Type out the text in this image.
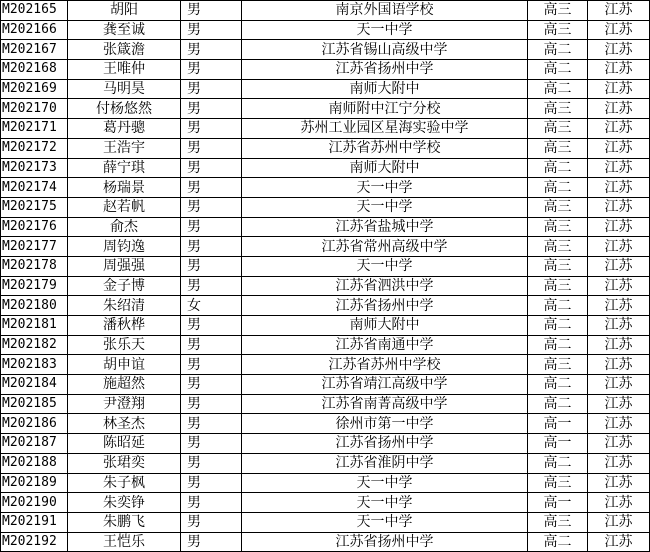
M202165	胡阳	男	南京外国语学校	高三	江苏
M202166	龚至诚	男	天一中学	高三	江苏
M202167	张箴澹	男	江苏省锡山高级中学	高二	江苏
M202168	王唯仲	男	江苏省扬州中学	高二	江苏
M202169	马明昊	男	南师大附中	高二	江苏
M202170	付杨悠然	男	南师附中江宁分校	高三	江苏
M202171	葛丹骢	男	苏州工业园区星海实验中学	高三	江苏
M202172	王浩宇	男	江苏省苏州中学校	高三	江苏
M202173	薛宁琪	男	南师大附中	高二	江苏
M202174	杨瑞景	男	天一中学	高二	江苏
M202175	赵若帆	男	天一中学	高三	江苏
M202176	俞杰	男	江苏省盐城中学	高三	江苏
M202177	周钧逸	男	江苏省常州高级中学	高三	江苏
M202178	周强强	男	天一中学	高三	江苏
M202179	金子博	男	江苏省泗洪中学	高三	江苏
M202180	朱绍清	女	江苏省扬州中学	高二	江苏
M202181	潘秋桦	男	南师大附中	高二	江苏
M202182	张乐天	男	江苏省南通中学	高二	江苏
M202183	胡申谊	男	江苏省苏州中学校	高三	江苏
M202184	施超然	男	江苏省靖江高级中学	高二	江苏
M202185	尹澄翔	男	江苏省南菁高级中学	高二	江苏
M202186	林圣杰	男	徐州市第一中学	高一	江苏
M202187	陈昭延	男	江苏省扬州中学	高一	江苏
M202188	张珺奕	男	江苏省淮阴中学	高二	江苏
M202189	朱子枫	男	天一中学	高三	江苏
M202190	朱奕铮	男	天一中学	高一	江苏
M202191	朱鹏飞	男	天一中学	高三	江苏
M202192	王恺乐	男	江苏省扬州中学	高二	江苏
